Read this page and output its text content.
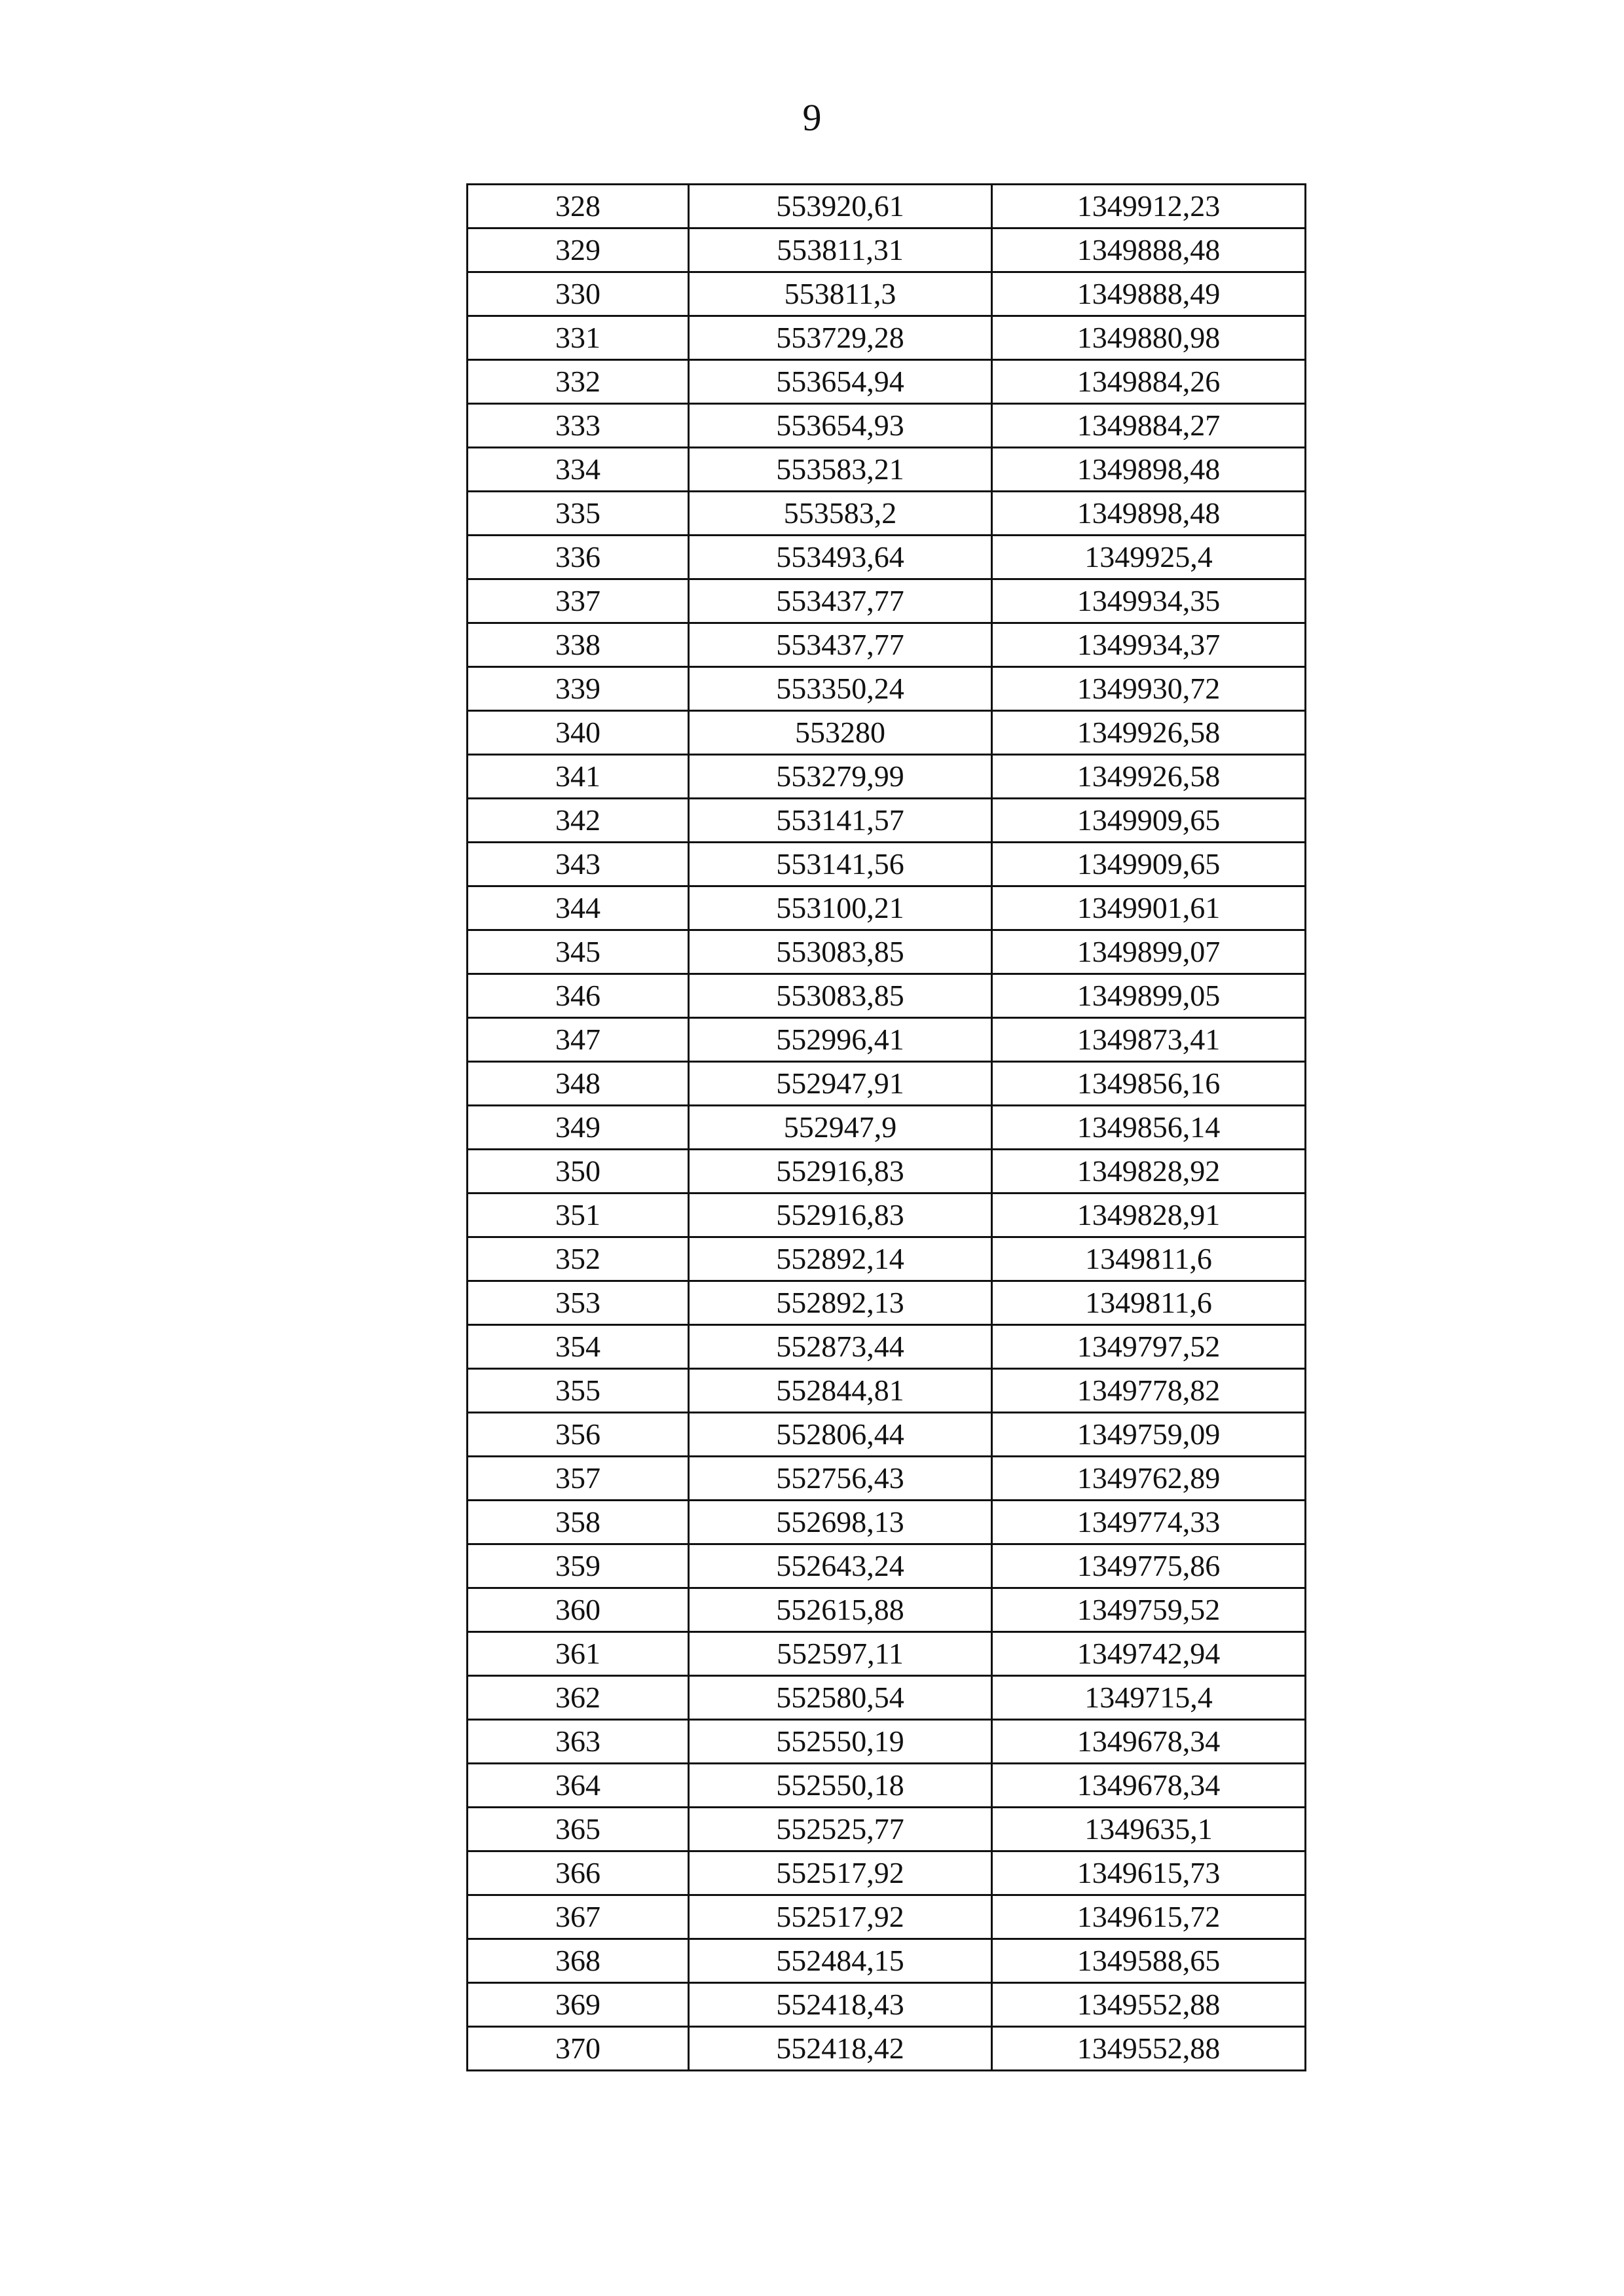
9
328	553920,61	1349912,23
329	553811,31	1349888,48
330	553811,3	1349888,49
331	553729,28	1349880,98
332	553654,94	1349884,26
333	553654,93	1349884,27
334	553583,21	1349898,48
335	553583,2	1349898,48
336	553493,64	1349925,4
337	553437,77	1349934,35
338	553437,77	1349934,37
339	553350,24	1349930,72
340	553280	1349926,58
341	553279,99	1349926,58
342	553141,57	1349909,65
343	553141,56	1349909,65
344	553100,21	1349901,61
345	553083,85	1349899,07
346	553083,85	1349899,05
347	552996,41	1349873,41
348	552947,91	1349856,16
349	552947,9	1349856,14
350	552916,83	1349828,92
351	552916,83	1349828,91
352	552892,14	1349811,6
353	552892,13	1349811,6
354	552873,44	1349797,52
355	552844,81	1349778,82
356	552806,44	1349759,09
357	552756,43	1349762,89
358	552698,13	1349774,33
359	552643,24	1349775,86
360	552615,88	1349759,52
361	552597,11	1349742,94
362	552580,54	1349715,4
363	552550,19	1349678,34
364	552550,18	1349678,34
365	552525,77	1349635,1
366	552517,92	1349615,73
367	552517,92	1349615,72
368	552484,15	1349588,65
369	552418,43	1349552,88
370	552418,42	1349552,88
